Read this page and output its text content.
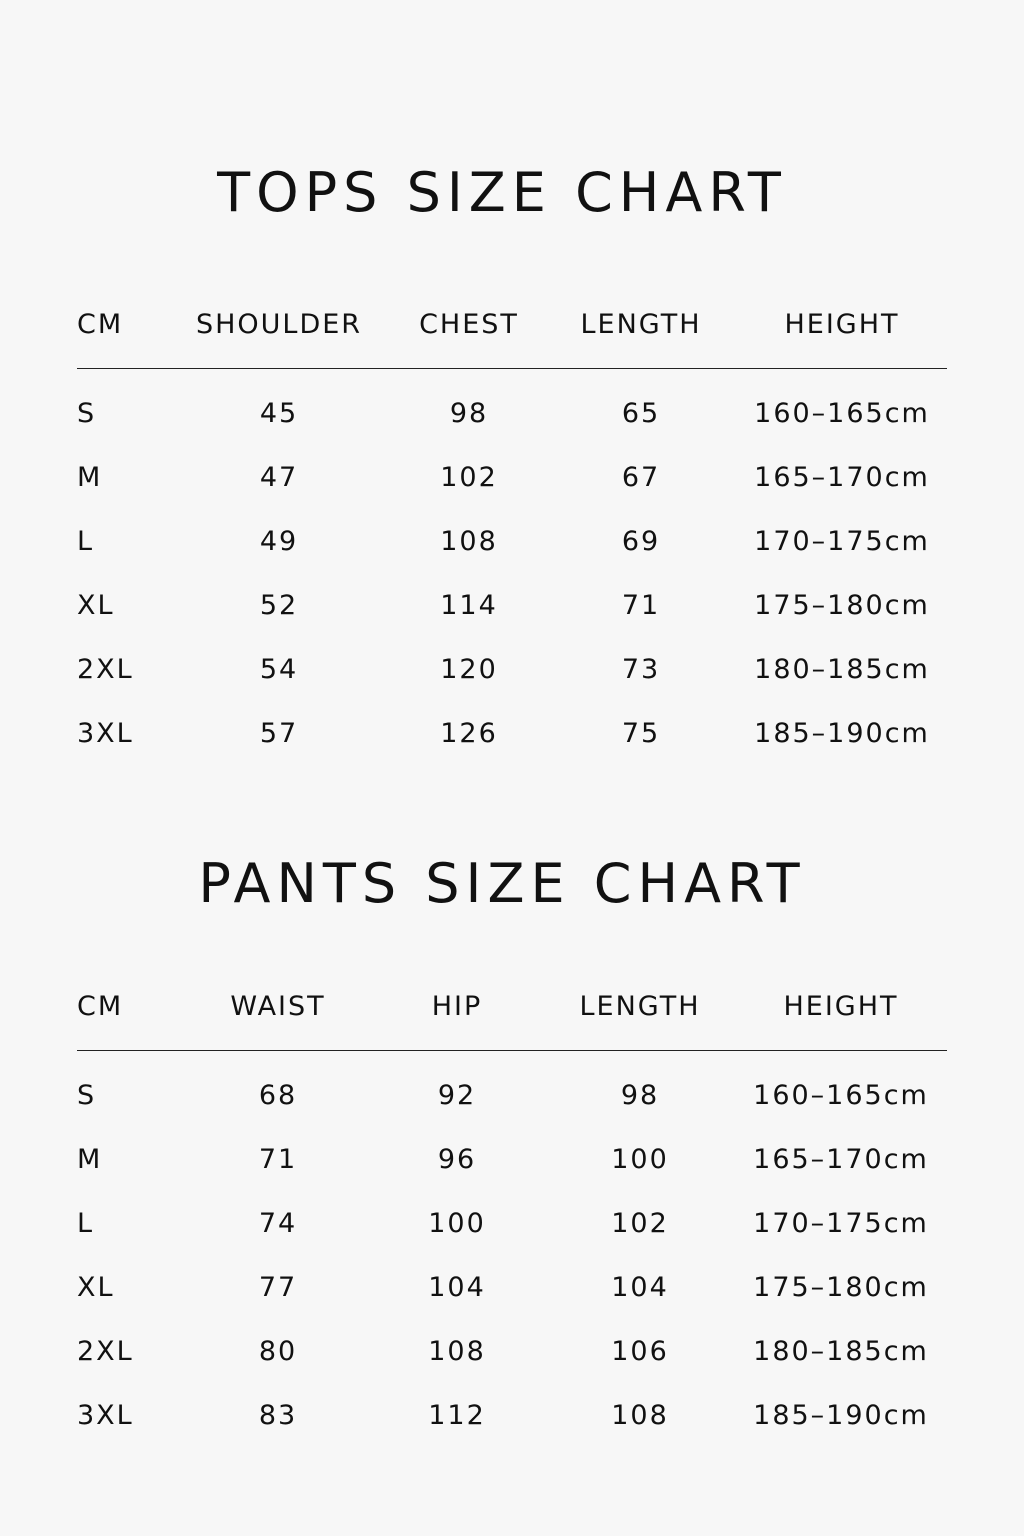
TOPS SIZE CHART
CM	SHOULDER CHEST LENGTH	HEIGHT
S	45	98	65	160–165cm
M	47	102	67	165–170cm
L	49	108	69	170–175cm
XL	52	114	71	175–180cm
2XL	54	120	73	180–185cm
3XL	57	126	75	185–190cm
PANTS SIZE CHART
CM	WAIST	HIP	LENGTH	HEIGHT
S	68	92	98	160–165cm
M	71	96	100	165–170cm
L	74	100	102	170–175cm
XL	77	104	104	175–180cm
2XL	80	108	106	180–185cm
3XL	83	112	108	185–190cm
